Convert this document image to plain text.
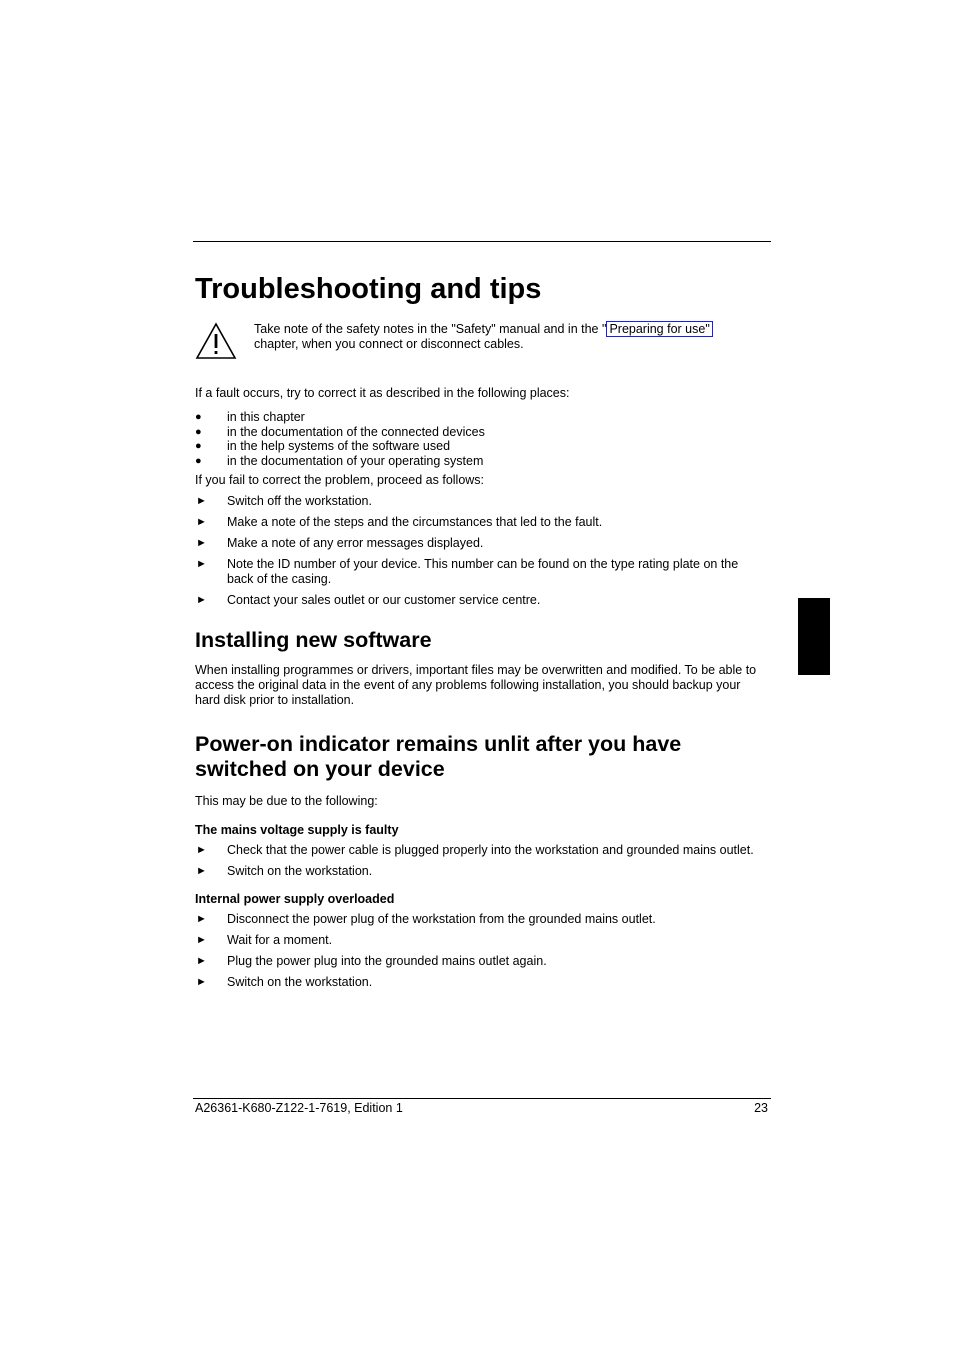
Troubleshooting and tips
Take note of the safety notes in the "Safety" manual and in the " Preparing for use"
chapter, when you connect or disconnect cables.

If a fault occurs, try to correct it as described in the following places:

● in this chapter
● in the documentation of the connected devices
● in the help systems of the software used
● in the documentation of your operating system

If you fail to correct the problem, proceed as follows:

► Switch off the workstation.
► Make a note of the steps and the circumstances that led to the fault.
► Make a note of any error messages displayed.
► Note the ID number of your device. This number can be found on the type rating plate on the back of the casing.
► Contact your sales outlet or our customer service centre.
Installing new software

When installing programmes or drivers, important files may be overwritten and modified. To be able to access the original data in the event of any problems following installation, you should backup your hard disk prior to installation.

Power-on indicator remains unlit after you have switched on your device

This may be due to the following:

The mains voltage supply is faulty
► Check that the power cable is plugged properly into the workstation and grounded mains outlet.
► Switch on the workstation.
Internal power supply overloaded
► Disconnect the power plug of the workstation from the grounded mains outlet.
► Wait for a moment.
► Plug the power plug into the grounded mains outlet again.
► Switch on the workstation.
A26361-K680-Z122-1-7619, Edition 1	23
